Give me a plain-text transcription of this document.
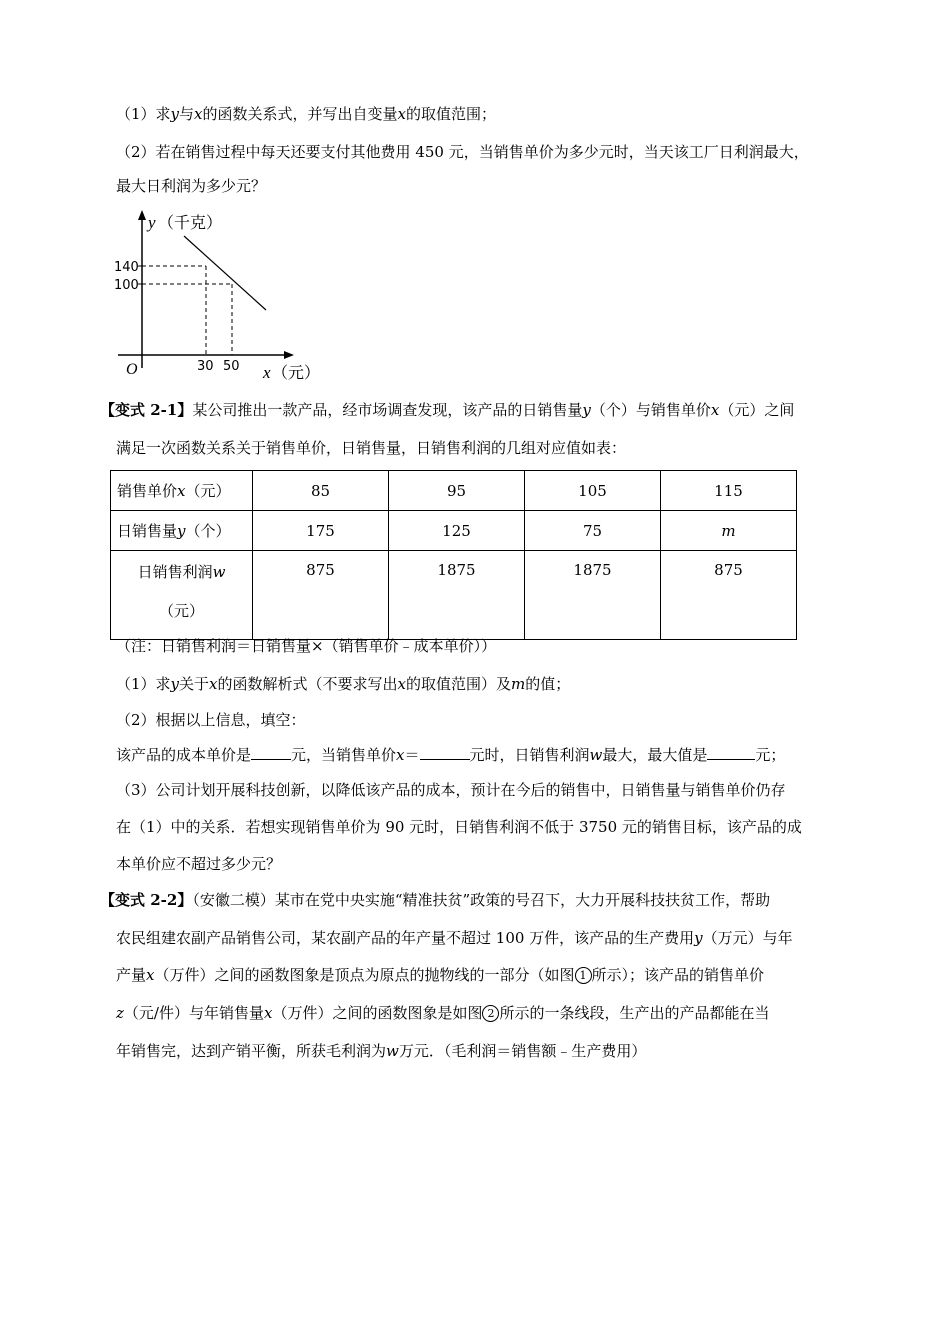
（1）求y与x的函数关系式，并写出自变量x的取值范围；
（2）若在销售过程中每天还要支付其他费用 450 元，当销售单价为多少元时，当天该工厂日利润最大，
最大日利润为多少元？
y （千克）
140
100
O	30 50 x （元）
【变式 2-1】某公司推出一款产品，经市场调查发现，该产品的日销售量y（个）与销售单价x（元）之间
满足一次函数关系关于销售单价，日销售量，日销售利润的几组对应值如表：
销售单价x（元）	85	95	105	115
日销售量y（个）	175	125	75	m
日销售利润w

（元）	875	1875	1875	875
（注：日销售利润＝日销售量×（销售单价﹣成本单价））
（1）求y关于x的函数解析式（不要求写出x的取值范围）及m的值；
（2）根据以上信息，填空：
该产品的成本单价是	元，当销售单价x＝	元时，日销售利润w最大，最大值是	元；
（3）公司计划开展科技创新，以降低该产品的成本，预计在今后的销售中，日销售量与销售单价仍存
在（1）中的关系．若想实现销售单价为 90 元时，日销售利润不低于 3750 元的销售目标，该产品的成
本单价应不超过多少元？
【变式 2-2】（安徽二模）某市在党中央实施“精准扶贫”政策的号召下，大力开展科技扶贫工作，帮助
农民组建农副产品销售公司，某农副产品的年产量不超过 100 万件，该产品的生产费用y（万元）与年
产量x（万件）之间的函数图象是顶点为原点的抛物线的一部分（如图 1 所示）；该产品的销售单价
z（元/件）与年销售量x（万件）之间的函数图象是如图 2 所示的一条线段，生产出的产品都能在当
年销售完，达到产销平衡，所获毛利润为w万元．（毛利润＝销售额﹣生产费用）
